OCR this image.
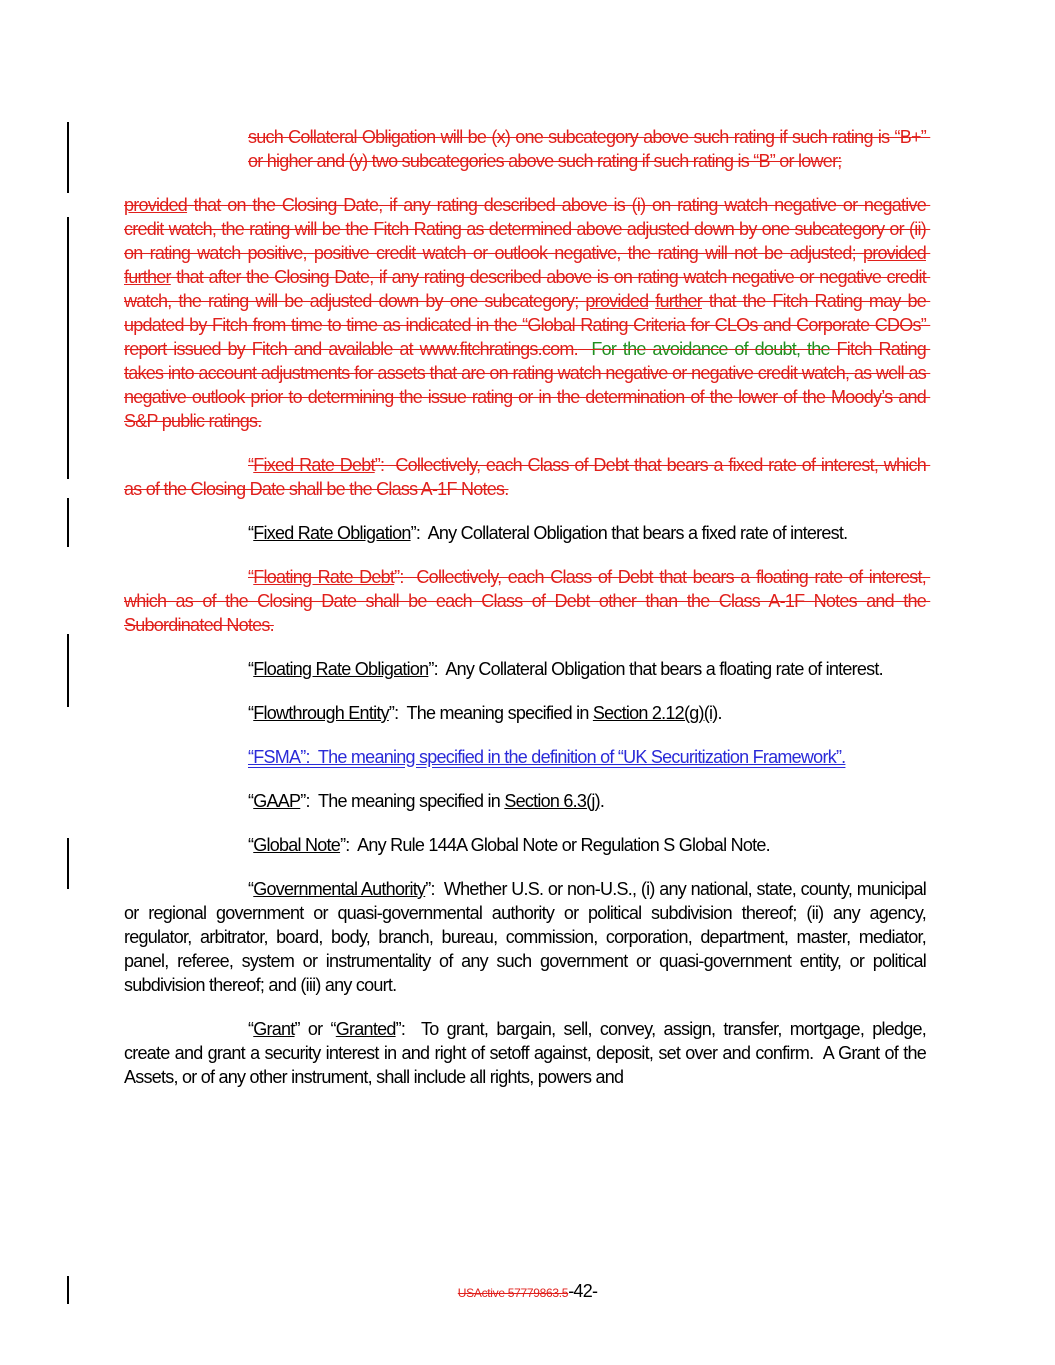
such Collateral Obligation will be (x) one subcategory above such rating if such rating is “B+” or higher and (y) two subcategories above such rating if such rating is “B” or lower;

provided that on the Closing Date, if any rating described above is (i) on rating watch negative or negative credit watch, the rating will be the Fitch Rating as determined above adjusted down by one subcategory or (ii) on rating watch positive, positive credit watch or outlook negative, the rating will not be adjusted; provided further that after the Closing Date, if any rating described above is on rating watch negative or negative credit watch, the rating will be adjusted down by one subcategory; provided further that the Fitch Rating may be updated by Fitch from time to time as indicated in the “Global Rating Criteria for CLOs and Corporate CDOs” report issued by Fitch and available at www.fitchratings.com.  For the avoidance of doubt, the Fitch Rating takes into account adjustments for assets that are on rating watch negative or negative credit watch, as well as negative outlook prior to determining the issue rating or in the determination of the lower of the Moody’s and S&P public ratings.

“Fixed Rate Debt”:  Collectively, each Class of Debt that bears a fixed rate of interest, which as of the Closing Date shall be the Class A-1F Notes.

“Fixed Rate Obligation”:  Any Collateral Obligation that bears a fixed rate of interest.

“Floating Rate Debt”:  Collectively, each Class of Debt that bears a floating rate of interest, which as of the Closing Date shall be each Class of Debt other than the Class A-1F Notes and the Subordinated Notes.

“Floating Rate Obligation”:  Any Collateral Obligation that bears a floating rate of interest.

“Flowthrough Entity”:  The meaning specified in Section 2.12(g)(i).

“FSMA”:  The meaning specified in the definition of “UK Securitization Framework”.

“GAAP”:  The meaning specified in Section 6.3(j).

“Global Note”:  Any Rule 144A Global Note or Regulation S Global Note.

“Governmental Authority”:  Whether U.S. or non-U.S., (i) any national, state, county, municipal or regional government or quasi-governmental authority or political subdivision thereof; (ii) any agency, regulator, arbitrator, board, body, branch, bureau, commission, corporation, department, master, mediator, panel, referee, system or instrumentality of any such government or quasi-government entity, or political subdivision thereof; and (iii) any court.

“Grant” or “Granted”:  To grant, bargain, sell, convey, assign, transfer, mortgage, pledge, create and grant a security interest in and right of setoff against, deposit, set over and confirm.  A Grant of the Assets, or of any other instrument, shall include all rights, powers and

USActive 57779863.5-42-
